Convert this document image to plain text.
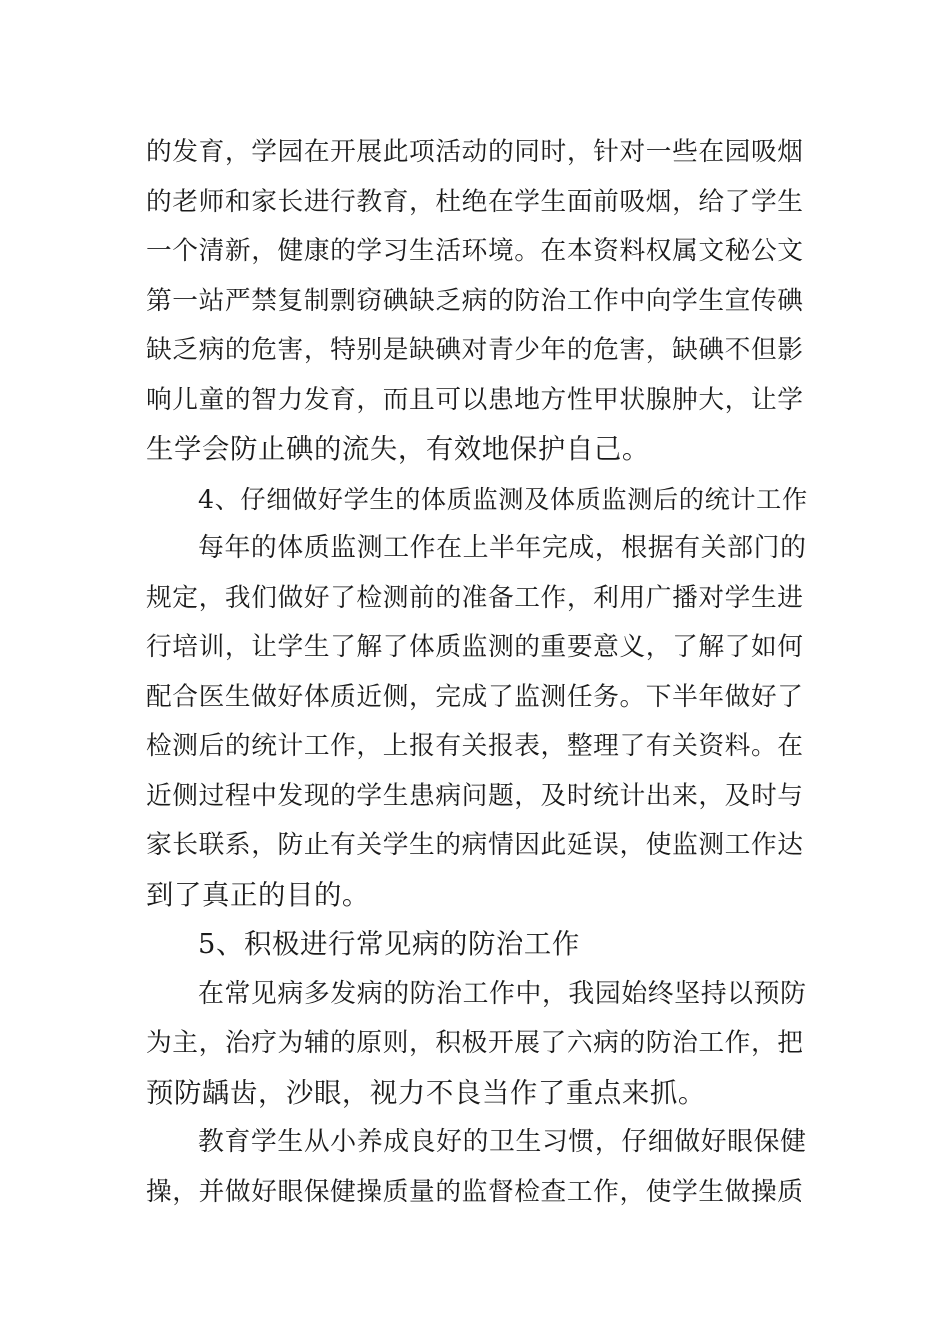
的发育，学园在开展此项活动的同时，针对一些在园吸烟
的老师和家长进行教育，杜绝在学生面前吸烟，给了学生
一个清新，健康的学习生活环境。在本资料权属文秘公文
第一站严禁复制剽窃碘缺乏病的防治工作中向学生宣传碘
缺乏病的危害，特别是缺碘对青少年的危害，缺碘不但影
响儿童的智力发育，而且可以患地方性甲状腺肿大，让学
生学会防止碘的流失，有效地保护自己。
4、仔细做好学生的体质监测及体质监测后的统计工作
每年的体质监测工作在上半年完成，根据有关部门的
规定，我们做好了检测前的准备工作，利用广播对学生进
行培训，让学生了解了体质监测的重要意义，了解了如何
配合医生做好体质近侧，完成了监测任务。下半年做好了
检测后的统计工作，上报有关报表，整理了有关资料。在
近侧过程中发现的学生患病问题，及时统计出来，及时与
家长联系，防止有关学生的病情因此延误，使监测工作达
到了真正的目的。
5、积极进行常见病的防治工作
在常见病多发病的防治工作中，我园始终坚持以预防
为主，治疗为辅的原则，积极开展了六病的防治工作，把
预防龋齿，沙眼，视力不良当作了重点来抓。
教育学生从小养成良好的卫生习惯，仔细做好眼保健
操，并做好眼保健操质量的监督检查工作，使学生做操质
